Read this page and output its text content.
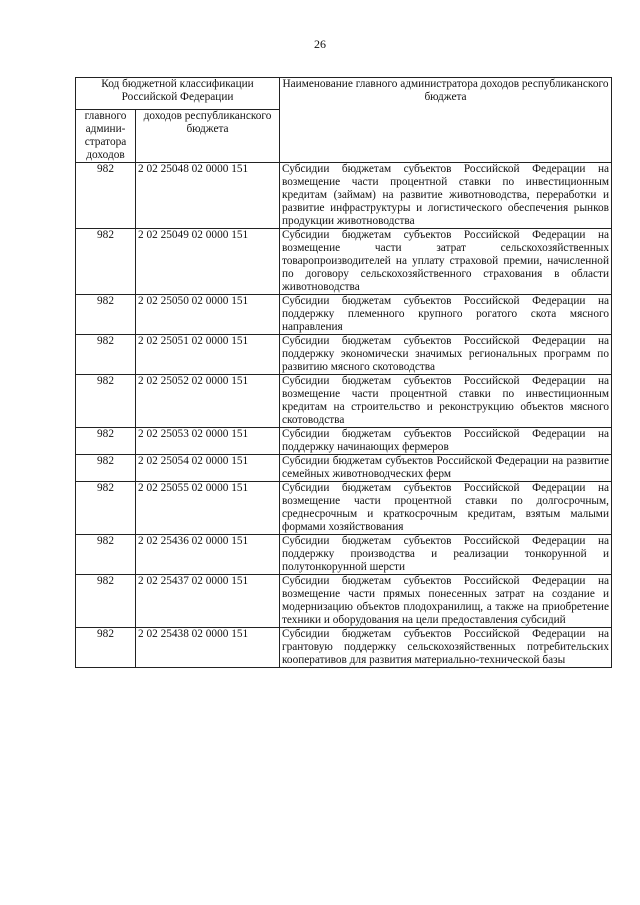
26
Код бюджетной классификации Российской Федерации		Наименование главного администратора доходов республиканского бюджета
главного админи-стратора доходов	доходов республиканского бюджета	
982	2 02 25048 02 0000 151	Субсидии бюджетам субъектов Российской Федерации на возмещение части процентной ставки по инвестиционным кредитам (займам) на развитие животноводства, переработки и развитие инфраструктуры и логистического обеспечения рынков продукции животноводства
982	2 02 25049 02 0000 151	Субсидии бюджетам субъектов Российской Федерации на возмещение части затрат сельскохозяйственных товаропроизводителей на уплату страховой премии, начисленной по договору сельскохозяйственного страхования в области животноводства
982	2 02 25050 02 0000 151	Субсидии бюджетам субъектов Российской Федерации на поддержку племенного крупного рогатого скота мясного направления
982	2 02 25051 02 0000 151	Субсидии бюджетам субъектов Российской Федерации на поддержку экономически значимых региональных программ по развитию мясного скотоводства
982	2 02 25052 02 0000 151	Субсидии бюджетам субъектов Российской Федерации на возмещение части процентной ставки по инвестиционным кредитам на строительство и реконструкцию объектов мясного скотоводства
982	2 02 25053 02 0000 151	Субсидии бюджетам субъектов Российской Федерации на поддержку начинающих фермеров
982	2 02 25054 02 0000 151	Субсидии бюджетам субъектов Российской Федерации на развитие семейных животноводческих ферм
982	2 02 25055 02 0000 151	Субсидии бюджетам субъектов Российской Федерации на возмещение части процентной ставки по долгосрочным, среднесрочным и краткосрочным кредитам, взятым малыми формами хозяйствования
982	2 02 25436 02 0000 151	Субсидии бюджетам субъектов Российской Федерации на поддержку производства и реализации тонкорунной и полутонкорунной шерсти
982	2 02 25437 02 0000 151	Субсидии бюджетам субъектов Российской Федерации на возмещение части прямых понесенных затрат на создание и модернизацию объектов плодохранилищ, а также на приобретение техники и оборудования на цели предоставления субсидий
982	2 02 25438 02 0000 151	Субсидии бюджетам субъектов Российской Федерации на грантовую поддержку сельскохозяйственных потребительских кооперативов для развития материально-технической базы
